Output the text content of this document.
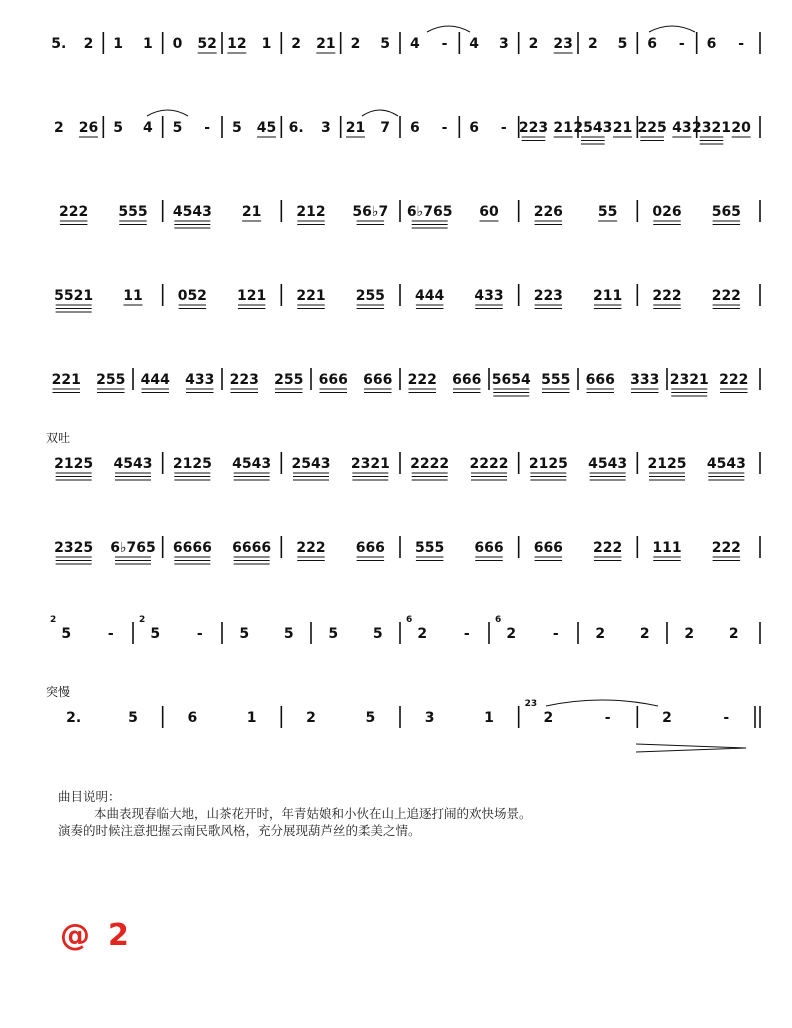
5. 2 1 1 0 52 12 1 2 21 2 5 4 - 4 3 2 23 2 5 6 - 6 -
2 26 5 4 5 - 5 45 6. 3 21 7 6 - 6 - 223 21 2543 21 225 43 2321 20
222 555 4543 21 212 56♭7 6♭765 60 226 55 026 565
5521 11 052 121 221 255 444 433 223 211 222 222
221 255 444 433 223 255 666 666 222 666 5654 555 666 333 2321 222
双吐
2125 4543 2125 4543 2543 2321 2222 2222 2125 4543 2125 4543
2325 6♭765 6666 6666 222 666 555 666 666 222 111 222
5	-
2
5	-
2
5 5 5 5 2	-
6
2	-
6
2 2 2 2
突慢
2.	5	6	1	2	5	3	1	2	-
23
2	-

曲目说明：

本曲表现春临大地，山茶花开时，年青姑娘和小伙在山上追逐打闹的欢快场景。

演奏的时候注意把握云南民歌风格，充分展现葫芦丝的柔美之情。

@2
